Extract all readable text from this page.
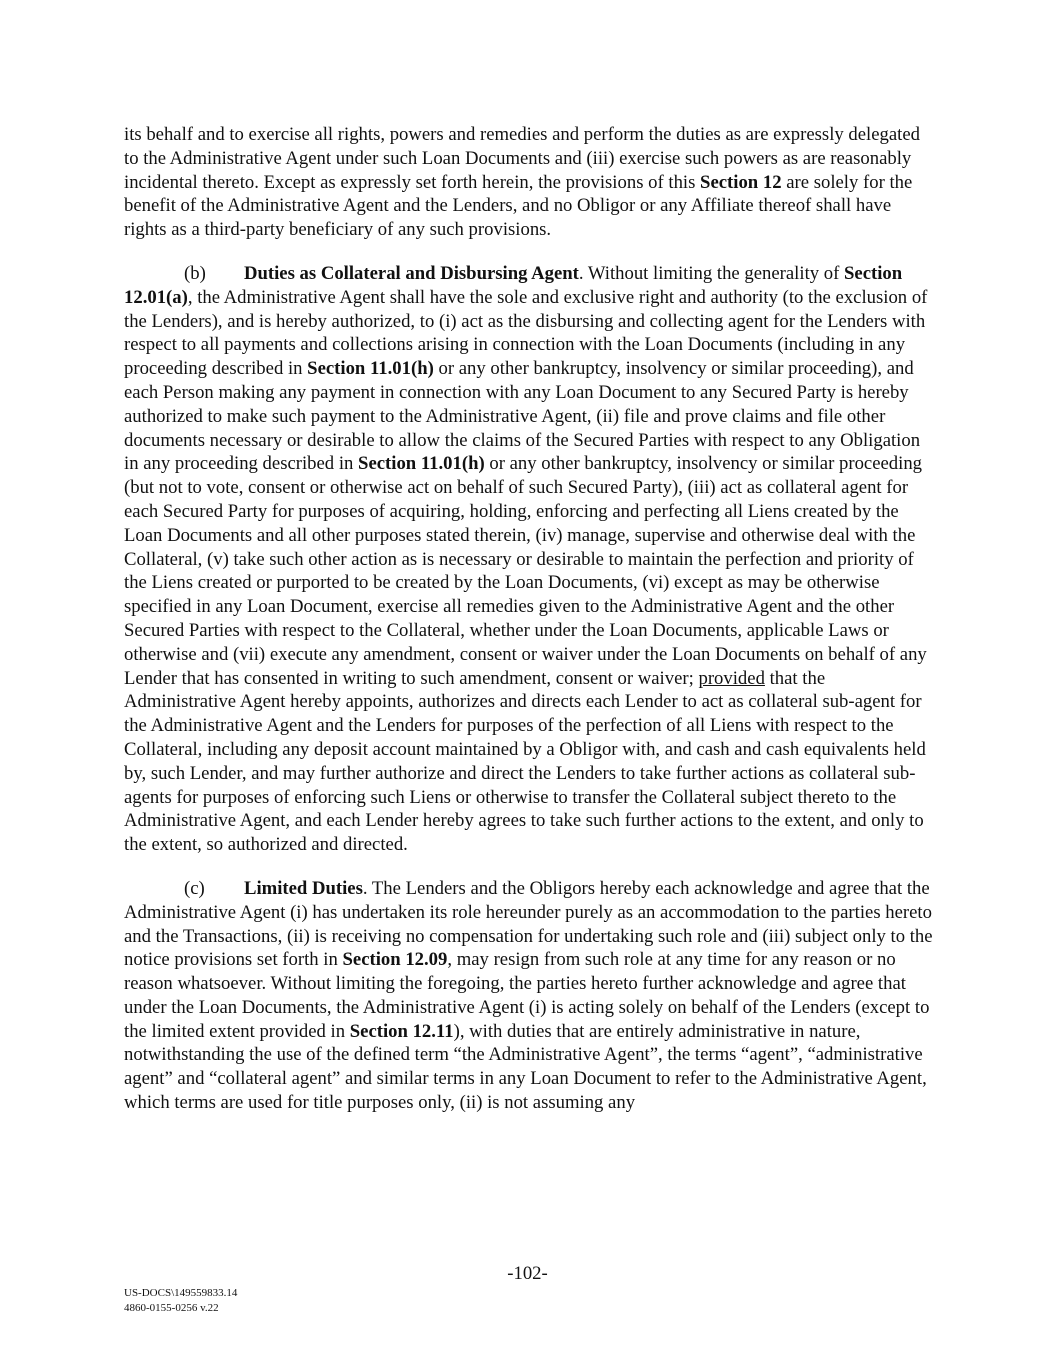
its behalf and to exercise all rights, powers and remedies and perform the duties as are expressly delegated to the Administrative Agent under such Loan Documents and (iii) exercise such powers as are reasonably incidental thereto. Except as expressly set forth herein, the provisions of this Section 12 are solely for the benefit of the Administrative Agent and the Lenders, and no Obligor or any Affiliate thereof shall have rights as a third-party beneficiary of any such provisions.

(b) Duties as Collateral and Disbursing Agent. Without limiting the generality of Section 12.01(a), the Administrative Agent shall have the sole and exclusive right and authority (to the exclusion of the Lenders), and is hereby authorized, to (i) act as the disbursing and collecting agent for the Lenders with respect to all payments and collections arising in connection with the Loan Documents (including in any proceeding described in Section 11.01(h) or any other bankruptcy, insolvency or similar proceeding), and each Person making any payment in connection with any Loan Document to any Secured Party is hereby authorized to make such payment to the Administrative Agent, (ii) file and prove claims and file other documents necessary or desirable to allow the claims of the Secured Parties with respect to any Obligation in any proceeding described in Section 11.01(h) or any other bankruptcy, insolvency or similar proceeding (but not to vote, consent or otherwise act on behalf of such Secured Party), (iii) act as collateral agent for each Secured Party for purposes of acquiring, holding, enforcing and perfecting all Liens created by the Loan Documents and all other purposes stated therein, (iv) manage, supervise and otherwise deal with the Collateral, (v) take such other action as is necessary or desirable to maintain the perfection and priority of the Liens created or purported to be created by the Loan Documents, (vi) except as may be otherwise specified in any Loan Document, exercise all remedies given to the Administrative Agent and the other Secured Parties with respect to the Collateral, whether under the Loan Documents, applicable Laws or otherwise and (vii) execute any amendment, consent or waiver under the Loan Documents on behalf of any Lender that has consented in writing to such amendment, consent or waiver; provided that the Administrative Agent hereby appoints, authorizes and directs each Lender to act as collateral sub-agent for the Administrative Agent and the Lenders for purposes of the perfection of all Liens with respect to the Collateral, including any deposit account maintained by a Obligor with, and cash and cash equivalents held by, such Lender, and may further authorize and direct the Lenders to take further actions as collateral sub-agents for purposes of enforcing such Liens or otherwise to transfer the Collateral subject thereto to the Administrative Agent, and each Lender hereby agrees to take such further actions to the extent, and only to the extent, so authorized and directed.

(c) Limited Duties. The Lenders and the Obligors hereby each acknowledge and agree that the Administrative Agent (i) has undertaken its role hereunder purely as an accommodation to the parties hereto and the Transactions, (ii) is receiving no compensation for undertaking such role and (iii) subject only to the notice provisions set forth in Section 12.09, may resign from such role at any time for any reason or no reason whatsoever. Without limiting the foregoing, the parties hereto further acknowledge and agree that under the Loan Documents, the Administrative Agent (i) is acting solely on behalf of the Lenders (except to the limited extent provided in Section 12.11), with duties that are entirely administrative in nature, notwithstanding the use of the defined term “the Administrative Agent”, the terms “agent”, “administrative agent” and “collateral agent” and similar terms in any Loan Document to refer to the Administrative Agent, which terms are used for title purposes only, (ii) is not assuming any

-102-
US-DOCS\149559833.14
4860-0155-0256 v.22
